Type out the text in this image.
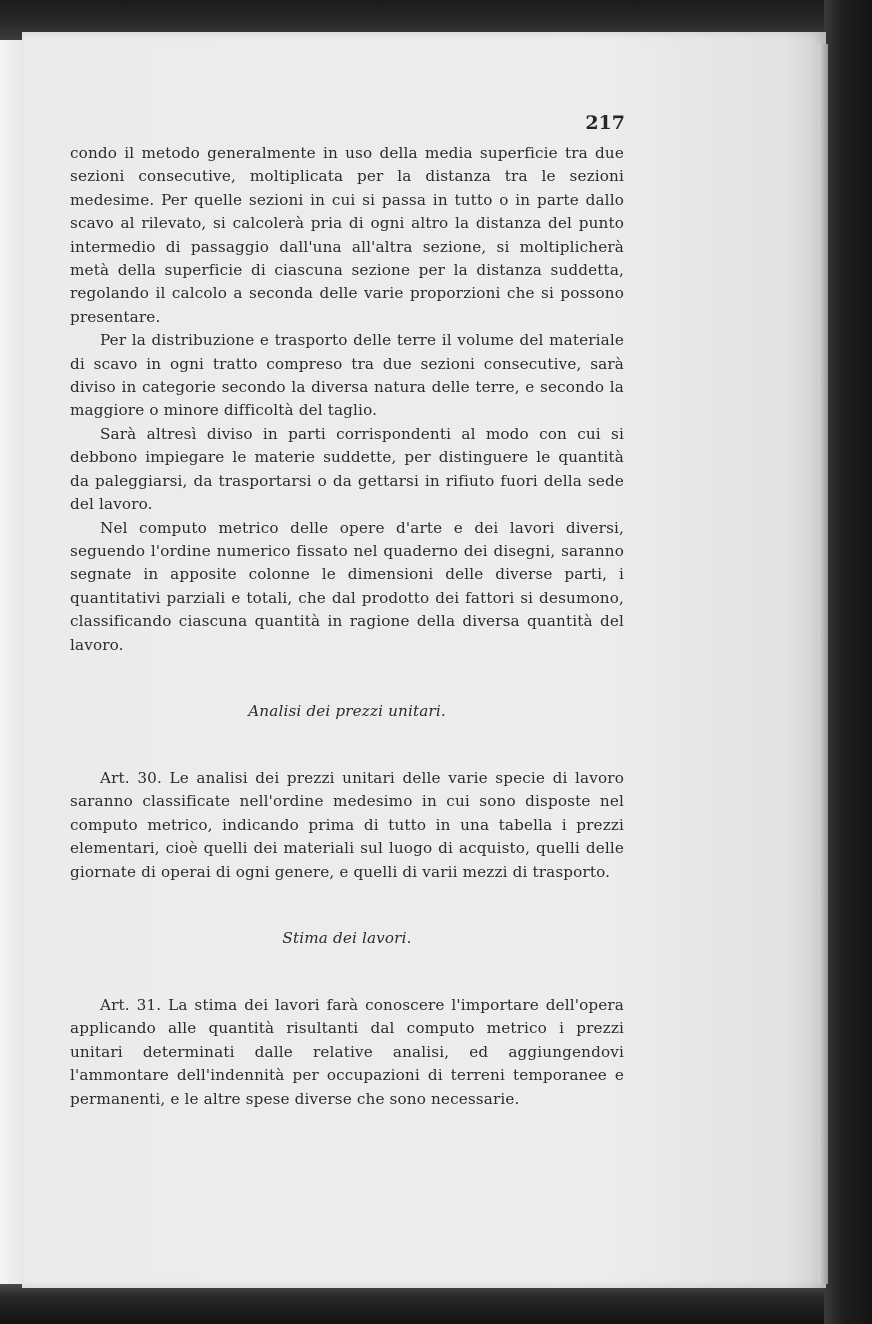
217

condo il metodo generalmente in uso della media superficie tra due sezioni consecutive, moltiplicata per la distanza tra le sezioni medesime. Per quelle sezioni in cui si passa in tutto o in parte dallo scavo al rilevato, si calcolerà pria di ogni altro la distanza del punto intermedio di passaggio dall'una all'altra sezione, si moltiplicherà metà della superficie di ciascuna sezione per la distanza suddetta, regolando il calcolo a seconda delle varie proporzioni che si possono presentare.

Per la distribuzione e trasporto delle terre il volume del materiale di scavo in ogni tratto compreso tra due sezioni consecutive, sarà diviso in categorie secondo la diversa natura delle terre, e secondo la maggiore o minore difficoltà del taglio.

Sarà altresì diviso in parti corrispondenti al modo con cui si debbono impiegare le materie suddette, per distinguere le quantità da paleggiarsi, da trasportarsi o da gettarsi in rifiuto fuori della sede del lavoro.

Nel computo metrico delle opere d'arte e dei lavori diversi, seguendo l'ordine numerico fissato nel quaderno dei disegni, saranno segnate in apposite colonne le dimensioni delle diverse parti, i quantitativi parziali e totali, che dal prodotto dei fattori si desumono, classificando ciascuna quantità in ragione della diversa quantità del lavoro.

Analisi dei prezzi unitari.

Art. 30. Le analisi dei prezzi unitari delle varie specie di lavoro saranno classificate nell'ordine medesimo in cui sono disposte nel computo metrico, indicando prima di tutto in una tabella i prezzi elementari, cioè quelli dei materiali sul luogo di acquisto, quelli delle giornate di operai di ogni genere, e quelli di varii mezzi di trasporto.

Stima dei lavori.

Art. 31. La stima dei lavori farà conoscere l'importare dell'opera applicando alle quantità risultanti dal computo metrico i prezzi unitari determinati dalle relative analisi, ed aggiungendovi l'ammontare dell'indennità per occupazioni di terreni temporanee e permanenti, e le altre spese diverse che sono necessarie.
